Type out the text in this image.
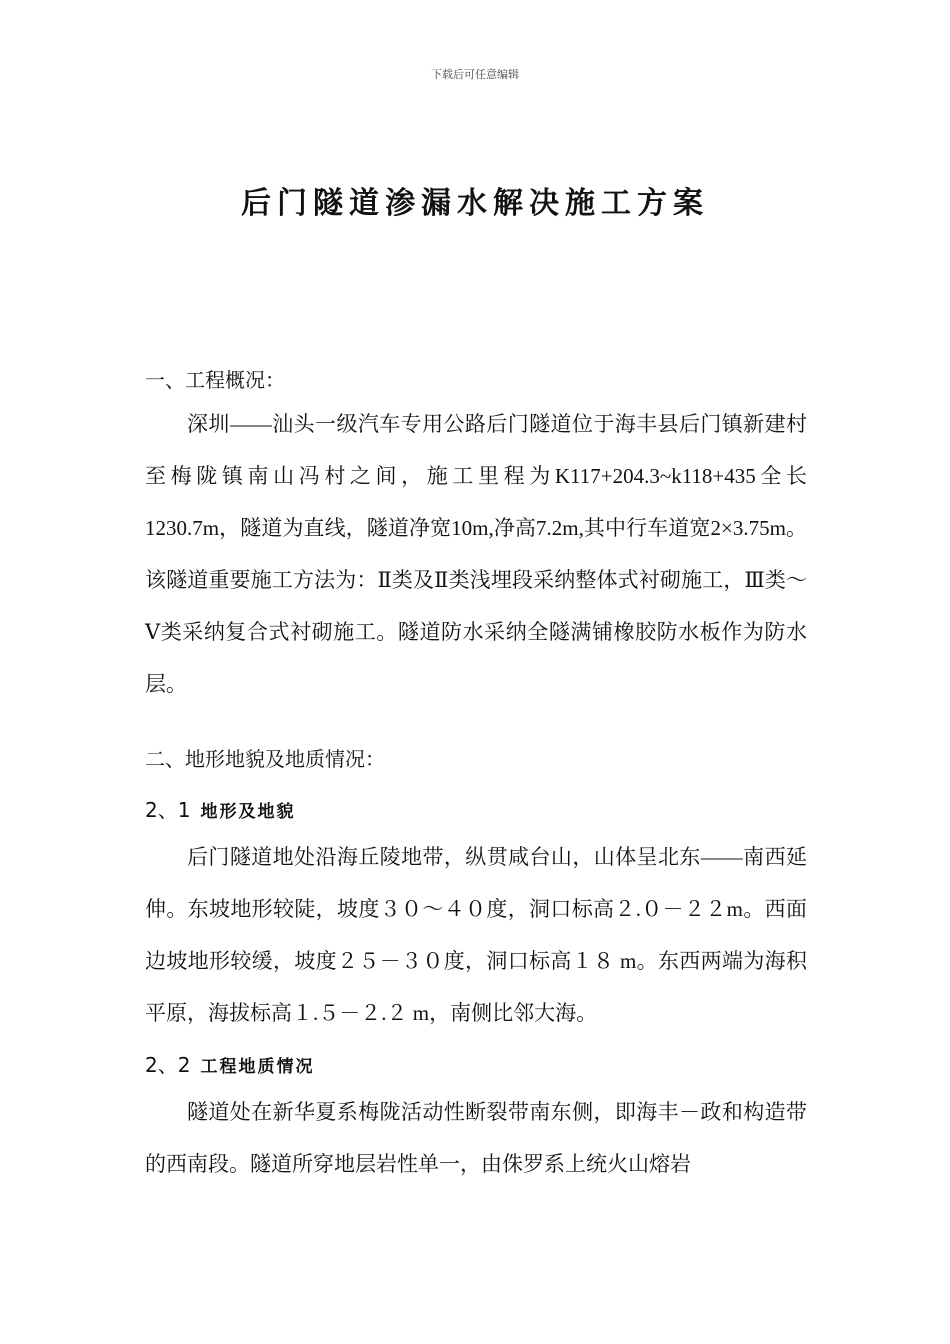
下载后可任意编辑
后门隧道渗漏水解决施工方案
一、工程概况：
深圳——汕头一级汽车专用公路后门隧道位于海丰县后门镇新建村至梅陇镇南山冯村之间，施工里程为K117+204.3~k118+435全长1230.7m，隧道为直线，隧道净宽10m,净高7.2m,其中行车道宽2×3.75m。该隧道重要施工方法为：Ⅱ类及Ⅱ类浅埋段采纳整体式衬砌施工，Ⅲ类～Ⅴ类采纳复合式衬砌施工。隧道防水采纳全隧满铺橡胶防水板作为防水层。
二、地形地貌及地质情况：
2、1 地形及地貌
后门隧道地处沿海丘陵地带，纵贯咸台山，山体呈北东——南西延伸。东坡地形较陡，坡度３０～４０度，洞口标高２.０－２２m。西面边坡地形较缓，坡度２５－３０度，洞口标高１８ m。东西两端为海积平原，海拔标高１.５－２.２ m，南侧比邻大海。
2、2 工程地质情况
隧道处在新华夏系梅陇活动性断裂带南东侧，即海丰－政和构造带的西南段。隧道所穿地层岩性单一，由侏罗系上统火山熔岩
